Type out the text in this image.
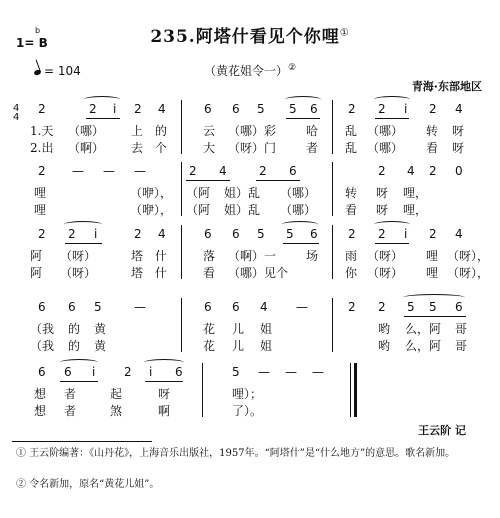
235.阿塔什看见个你哩①
1= B
b
= 104	（黄花姐令一）②
青海·东部地区
4
4
2	2 i 2 4	6 6 5 5 6	2 2 i 2 4
1.天 （哪） 上 的	云 （哪）彩 哈 乱 （哪） 转 呀
2.出 （啊） 去 个	大 （呀）门 者 乱 （哪） 看 呀
2 — — —	2 4	2 6	2 4 2 0
哩	（咿）， （阿 姐）乱 （哪） 转 呀 哩，
哩	（咿）， （阿 姐）乱 （哪） 看 呀 哩，
2 2 i	2 4	6 6 5 5 6	2 2 i 2 4
阿 （呀）	塔 什	落 （啊）一 场 雨 （呀） 哩 （呀），
阿 （呀）	塔 什	看 （哪）见个	你 （呀） 哩 （呀），
6 6 5	—	6 6 4 —	2 2 5 5 6
（我 的 黄	花 儿 姐	哟 么， 阿 哥
（我 的 黄	花 儿 姐	哟 么， 阿 哥
6 6 i 2 i 6	5 — — —
想 者	起	呀	哩）；
想 者	煞	啊	了）。
王云阶 记
① 王云阶编著：《山丹花》，上海音乐出版社，1957年。“阿塔什”是“什么地方”的意思。歌名新加。
② 令名新加，原名“黄花儿姐”。
